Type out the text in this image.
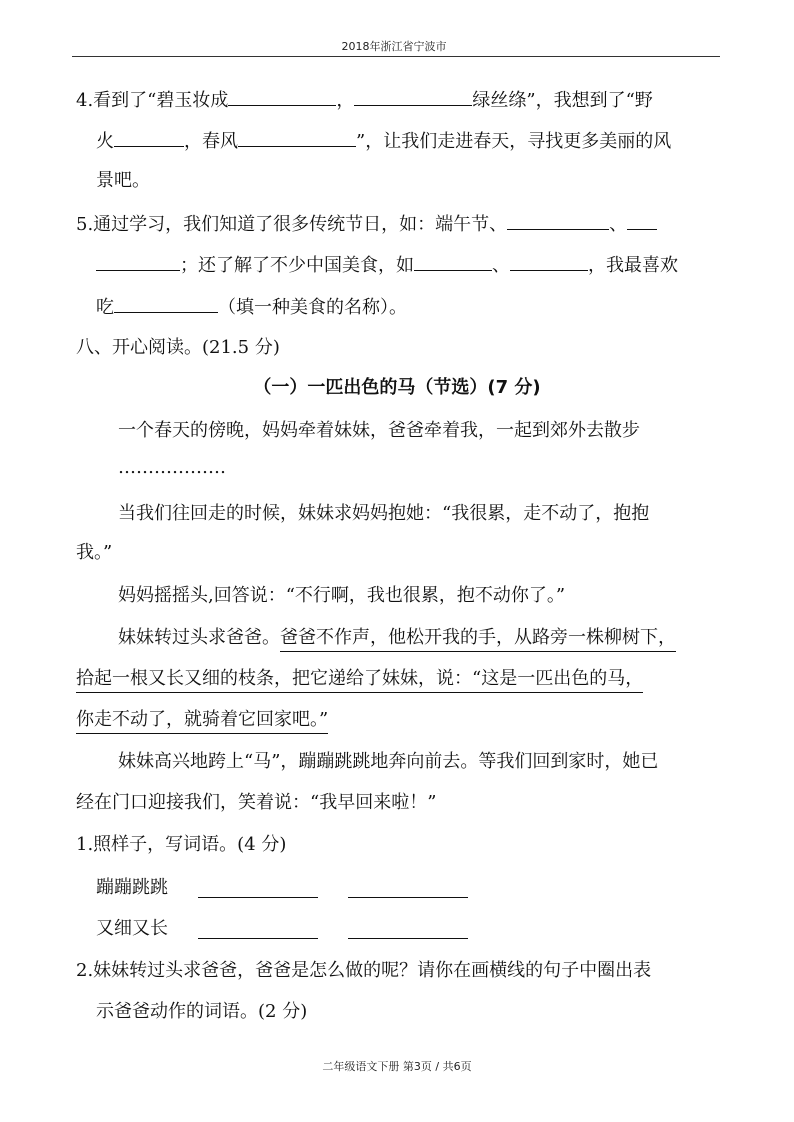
2018年浙江省宁波市
4.看到了“碧玉妆成	，	绿丝绦”，我想到了“野
火	，春风	”，让我们走进春天，寻找更多美丽的风
景吧。
5.通过学习，我们知道了很多传统节日，如：端午节、	、
；还了解了不少中国美食，如	、	，我最喜欢
吃	（填一种美食的名称）。
八、开心阅读。(21.5 分)
（一）一匹出色的马（节选）(7 分)
一个春天的傍晚，妈妈牵着妹妹，爸爸牵着我，一起到郊外去散步
………………
当我们往回走的时候，妹妹求妈妈抱她：“我很累，走不动了，抱抱
我。”
妈妈摇摇头,回答说：“不行啊，我也很累，抱不动你了。”
妹妹转过头求爸爸。爸爸不作声，他松开我的手，从路旁一株柳树下，
拾起一根又长又细的枝条，把它递给了妹妹，说：“这是一匹出色的马，
你走不动了，就骑着它回家吧。”
妹妹高兴地跨上“马”，蹦蹦跳跳地奔向前去。等我们回到家时，她已
经在门口迎接我们，笑着说：“我早回来啦！”
1.照样子，写词语。(4 分)
蹦蹦跳跳
又细又长
2.妹妹转过头求爸爸，爸爸是怎么做的呢？请你在画横线的句子中圈出表
示爸爸动作的词语。(2 分)
二年级语文下册 第3页 / 共6页
